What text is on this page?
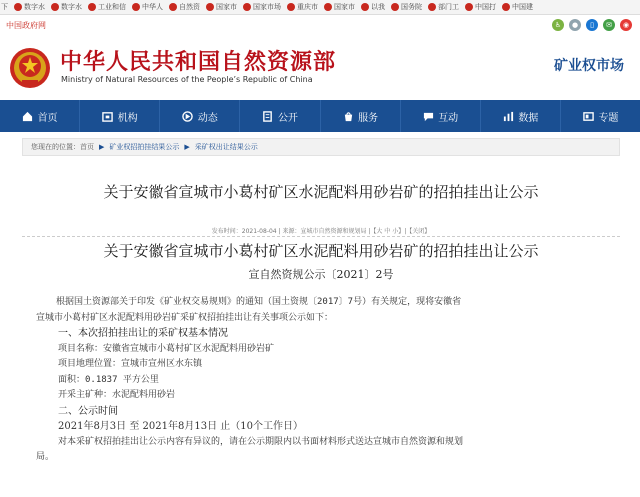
下 数字水 数字水 工业和信 中华人 自然资 国家市 国家市场 重庆市 国家市 以我 国务院 部门工 中国打 中国建
中国政府网	♿	●	▯	✉	◉
中华人民共和国自然资源部
Ministry of Natural Resources of the People’s Republic of China
矿业权市场
首页	机构	动态	公开	服务	互动	数据	专题
您现在的位置：首页 ▶ 矿业权招拍挂结果公示 ▶ 采矿权出让结果公示
关于安徽省宣城市小葛村矿区水泥配料用砂岩矿的招拍挂出让公示
发布时间：2021-08-04 | 来源：宣城市自然资源和规划局 |【大 中 小】|【关闭】
关于安徽省宣城市小葛村矿区水泥配料用砂岩矿的招拍挂出让公示
宣自然资规公示〔2021〕2号

根据国土资源部关于印发《矿业权交易规则》的通知（国土资规〔2017〕7号）有关规定，现将安徽省

宣城市小葛村矿区水泥配料用砂岩矿采矿权招拍挂出让有关事项公示如下：

一、本次招拍挂出让的采矿权基本情况

项目名称：安徽省宣城市小葛村矿区水泥配料用砂岩矿

项目地理位置：宣城市宣州区水东镇

面积：0.1837 平方公里

开采主矿种：水泥配料用砂岩

二、公示时间

2021年8月3日 至 2021年8月13日 止（10个工作日）

对本采矿权招拍挂出让公示内容有异议的，请在公示期限内以书面材料形式送达宣城市自然资源和规划

局。
